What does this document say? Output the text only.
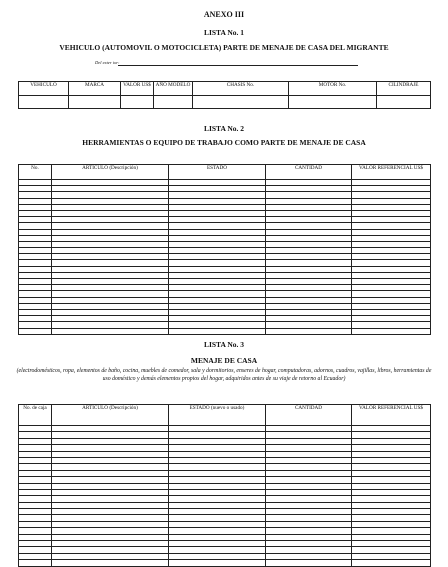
ANEXO III
LISTA No. 1
VEHICULO (AUTOMOVIL O MOTOCICLETA) PARTE DE MENAJE DE CASA DEL MIGRANTE
Del exter ior:
VEHICULO	MARCA	VALOR US$	AÑO MODELO	CHASIS No.	MOTOR No.	CILINDRAJE

LISTA No. 2
HERRAMIENTAS O EQUIPO DE TRABAJO COMO PARTE DE MENAJE DE CASA
No.	ARTICULO (Descripción)	ESTADO	CANTIDAD	VALOR REFERENCIAL US$

LISTA No. 3
MENAJE DE CASA
(electrodomésticos, ropa, elementos de baño, cocina, muebles de comedor, sala y dormitorios, enseres de hogar, computadoras, adornos, cuadros, vajillas, libros, herramientas de uso doméstico y demás elementos propios del hogar, adquiridos antes de su viaje de retorno al Ecuador)
No. de caja	ARTICULO (Descripción)	ESTADO (nuevo o usado)	CANTIDAD	VALOR REFERENCIAL US$
